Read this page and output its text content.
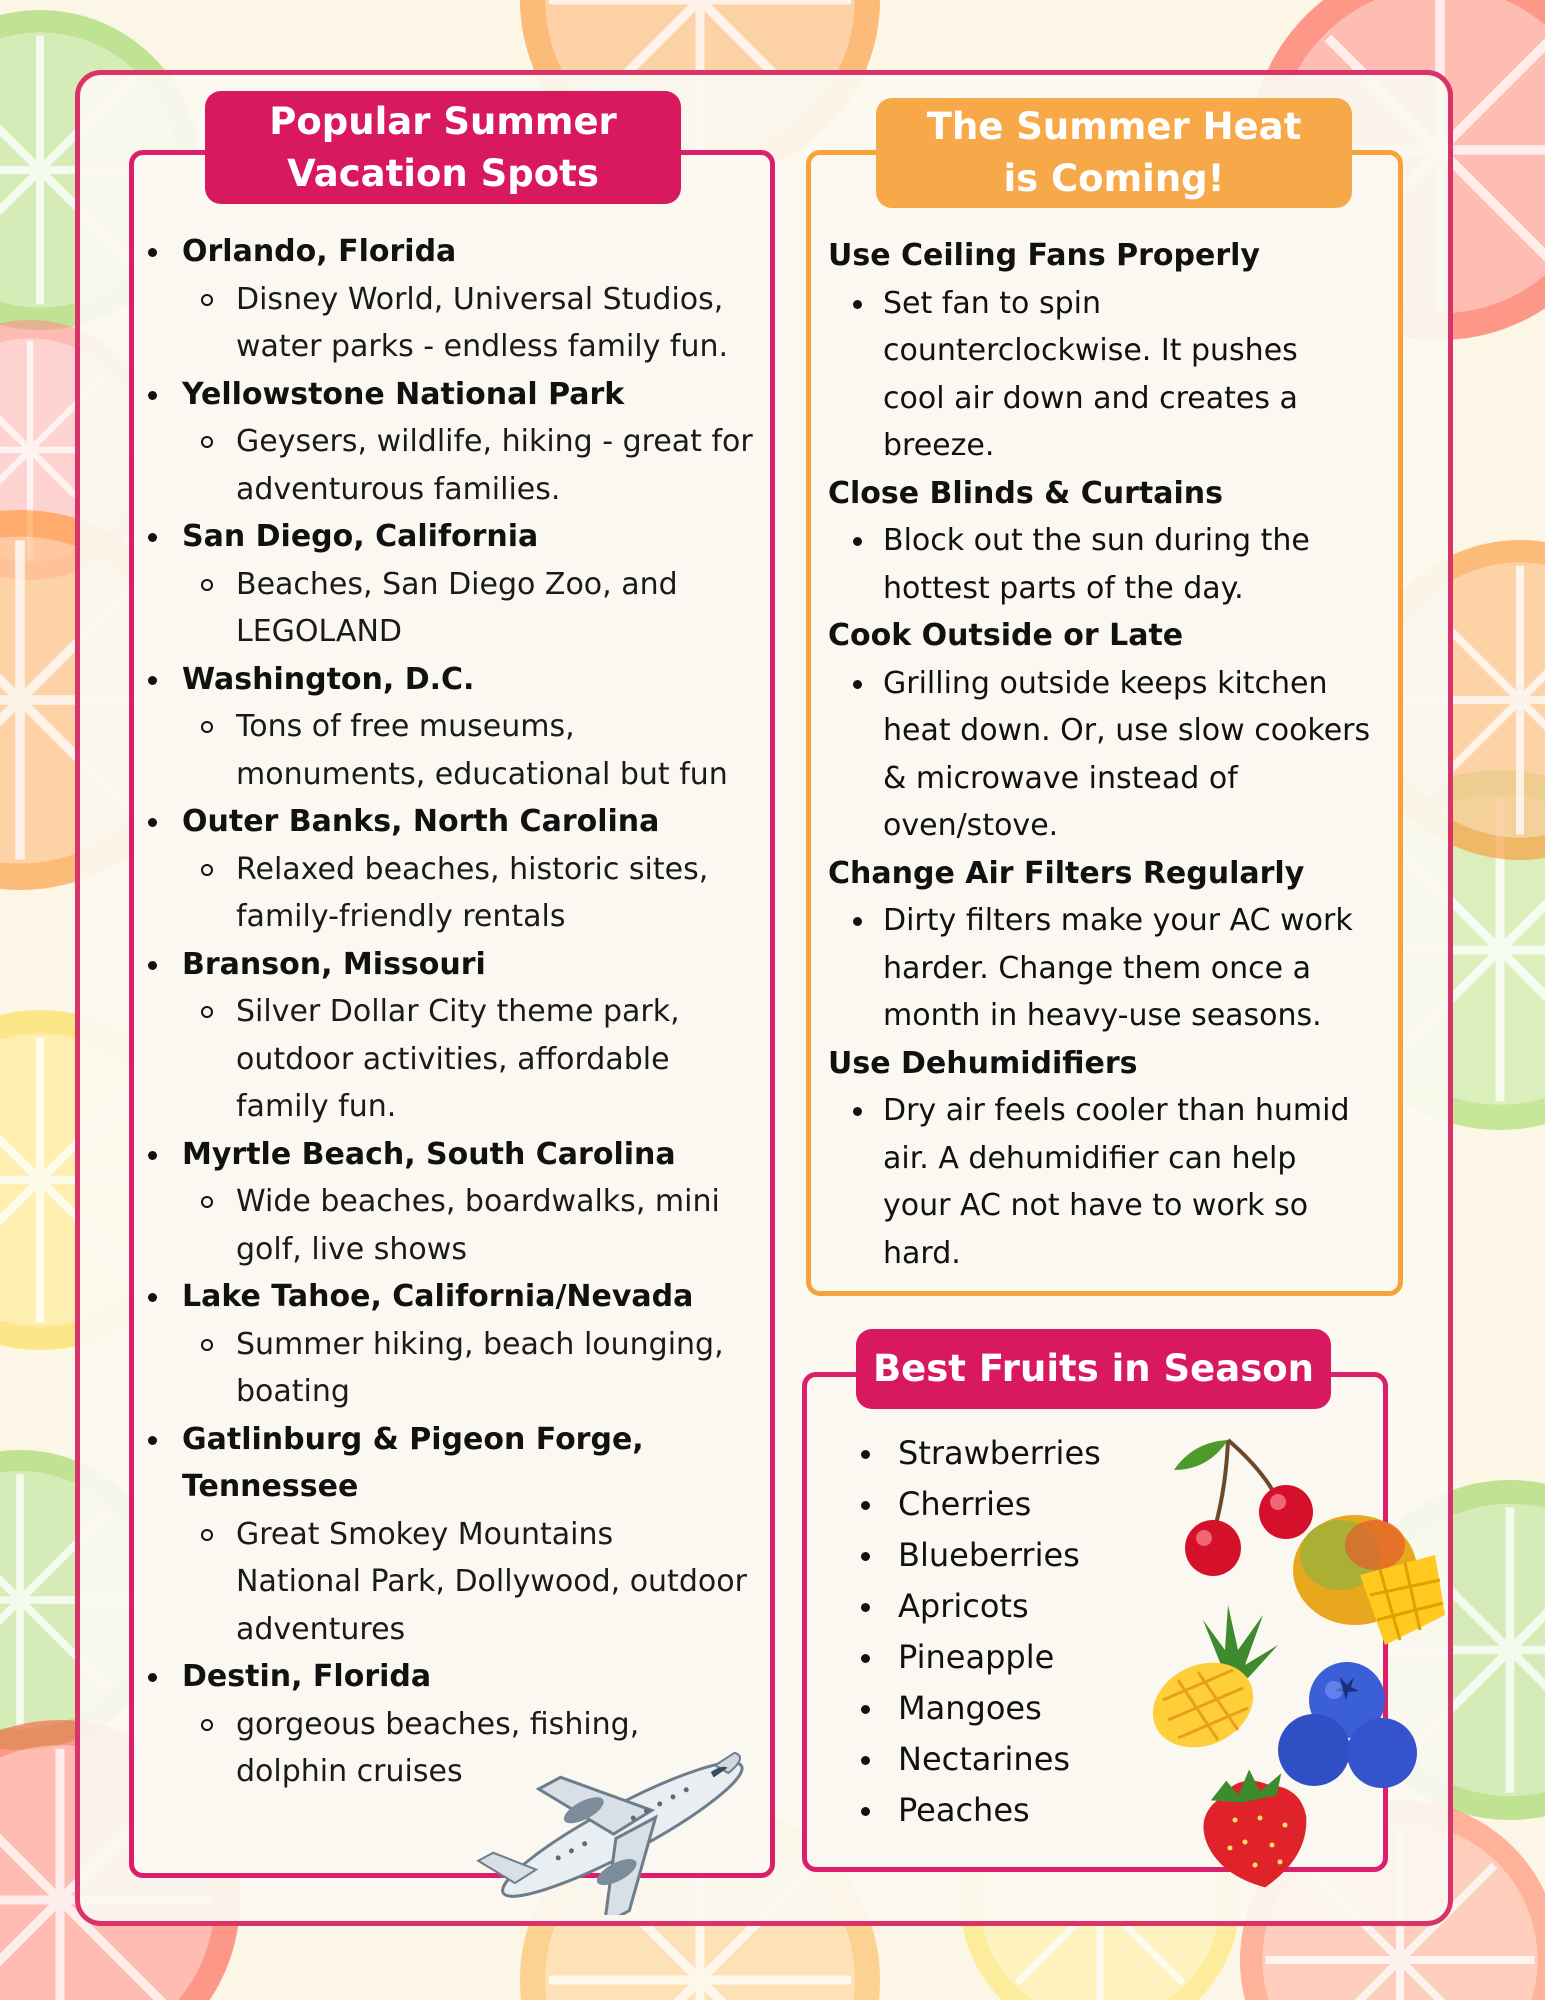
Popular Summer
Vacation Spots
Orlando, Florida
Disney World, Universal Studios,
water parks - endless family fun.
Yellowstone National Park
Geysers, wildlife, hiking - great for
adventurous families.
San Diego, California
Beaches, San Diego Zoo, and
LEGOLAND
Washington, D.C.
Tons of free museums,
monuments, educational but fun
Outer Banks, North Carolina
Relaxed beaches, historic sites,
family-friendly rentals
Branson, Missouri
Silver Dollar City theme park,
outdoor activities, affordable
family fun.
Myrtle Beach, South Carolina
Wide beaches, boardwalks, mini
golf, live shows
Lake Tahoe, California/Nevada
Summer hiking, beach lounging,
boating
Gatlinburg & Pigeon Forge,
Tennessee
Great Smokey Mountains
National Park, Dollywood, outdoor
adventures
Destin, Florida
gorgeous beaches, fishing,
dolphin cruises
The Summer Heat
is Coming!
Use Ceiling Fans Properly
Set fan to spin
counterclockwise. It pushes
cool air down and creates a
breeze.
Close Blinds & Curtains
Block out the sun during the
hottest parts of the day.
Cook Outside or Late
Grilling outside keeps kitchen
heat down. Or, use slow cookers
& microwave instead of
oven/stove.
Change Air Filters Regularly
Dirty filters make your AC work
harder. Change them once a
month in heavy-use seasons.
Use Dehumidifiers
Dry air feels cooler than humid
air. A dehumidifier can help
your AC not have to work so
hard.
Best Fruits in Season
Strawberries
Cherries
Blueberries
Apricots
Pineapple
Mangoes
Nectarines
Peaches
